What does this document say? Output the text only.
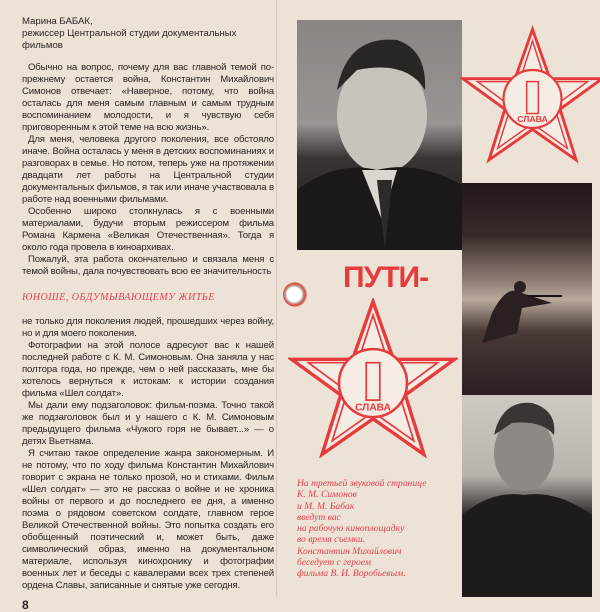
Марина БАБАК,
режиссер Центральной студии документальных фильмов

Обычно на вопрос, почему для вас главной темой по-прежнему остается война, Константин Михайлович Симонов отвечает: «Наверное, потому, что война осталась для меня самым главным и самым трудным воспоминанием молодости, и я чувствую себя приговоренным к этой теме на всю жизнь».

Для меня, человека другого поколения, все обстояло иначе. Война осталась у меня в детских воспоминаниях и разговорах в семье. Но потом, теперь уже на протяжении двадцати лет работы на Центральной студии документальных фильмов, я так или иначе участвовала в работе над военными фильмами.

Особенно широко столкнулась я с военными материалами, будучи вторым режиссером фильма Романа Кармена «Великая Отечественная». Тогда я около года провела в киноархивах.

Пожалуй, эта работа окончательно и связала меня с темой войны, дала почувствовать всю ее значительность

ЮНОШЕ, ОБДУМЫВАЮЩЕМУ ЖИТЬЕ

не только для поколения людей, прошедших через войну, но и для моего поколения.

Фотографии на этой полосе адресуют вас к нашей последней работе с К. М. Симоновым. Она заняла у нас полтора года, но прежде, чем о ней рассказать, мне бы хотелось вернуться к истокам: к истории создания фильма «Шел солдат».

Мы дали ему подзаголовок: фильм-поэма. Точно такой же подзаголовок был и у нашего с К. М. Симоновым предыдущего фильма «Чужого горя не бывает...» — о детях Вьетнама.

Я считаю такое определение жанра закономерным. И не потому, что по ходу фильма Константин Михайлович говорит с экрана не только прозой, но и стихами. Фильм «Шел солдат» — это не рассказ о войне и не хроника войны от первого и до последнего ее дня, а именно поэма о рядовом советском солдате, главном герое Великой Отечественной войны. Это попытка создать его обобщенный поэтический и, может быть, даже символический образ, именно на документальном материале, используя кинохронику и фотографии военных лет и беседы с кавалерами всех трех степеней ордена Славы, записанные и снятые уже сегодня.

8
СЛАВА
ПУТИ-
СЛАВА
На третьей звуковой странице
К. М. Симонов
и М. М. Бабак
введут вас
на рабочую киноплощадку
во время съемки.
Константин Михайлович
беседует с героем
фильма В. И. Воробьевым.
